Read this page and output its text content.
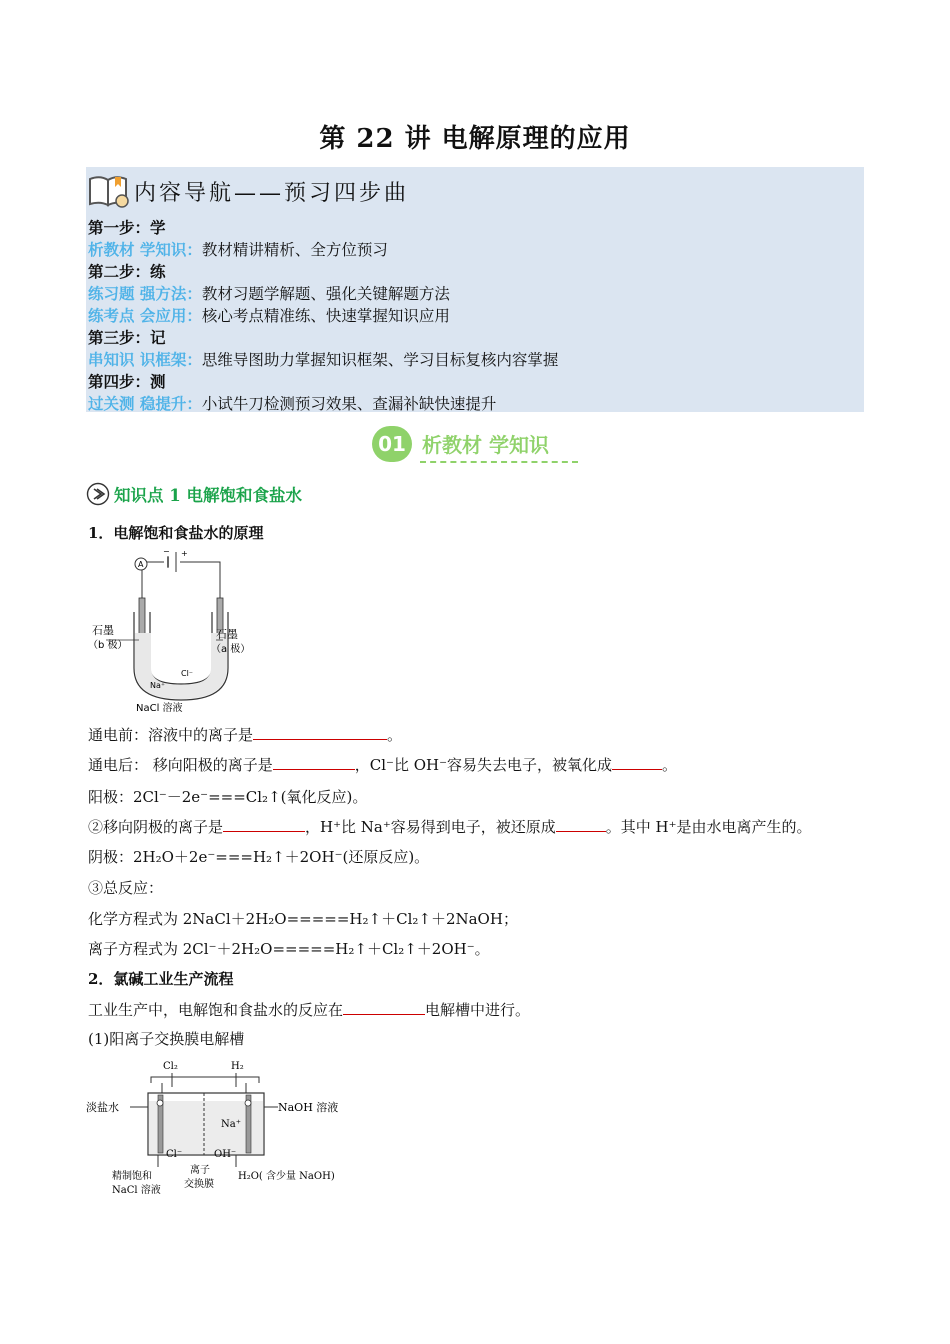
第 22 讲 电解原理的应用
内容导航——预习四步曲
第一步：学
析教材 学知识：教材精讲精析、全方位预习
第二步：练
练习题 强方法：教材习题学解题、强化关键解题方法
练考点 会应用：核心考点精准练、快速掌握知识应用
第三步：记
串知识 识框架：思维导图助力掌握知识框架、学习目标复核内容掌握
第四步：测
过关测 稳提升：小试牛刀检测预习效果、查漏补缺快速提升
01 析教材 学知识
知识点 1 电解饱和食盐水
1．电解饱和食盐水的原理
A
− +
石墨
（b 极）
石墨
（a 极）
Na⁺
Cl⁻
NaCl 溶液
通电前：溶液中的离子是	。
通电后： 移向阳极的离子是	，Cl⁻比 OH⁻容易失去电子，被氧化成	。
阳极：2Cl⁻－2e⁻===Cl₂↑(氧化反应)。
②移向阴极的离子是	，H⁺比 Na⁺容易得到电子，被还原成	。其中 H⁺是由水电离产生的。
阴极：2H₂O＋2e⁻===H₂↑＋2OH⁻(还原反应)。
③总反应：
化学方程式为 2NaCl＋2H₂O=====H₂↑＋Cl₂↑＋2NaOH；
离子方程式为 2Cl⁻＋2H₂O=====H₂↑＋Cl₂↑＋2OH⁻。
2．氯碱工业生产流程
工业生产中，电解饱和食盐水的反应在	电解槽中进行。
(1)阳离子交换膜电解槽
Cl₂	H₂
淡盐水	NaOH 溶液
Na⁺
Cl⁻	OH⁻
精制饱和
NaCl 溶液
离子
交换膜
H₂O( 含少量 NaOH)
